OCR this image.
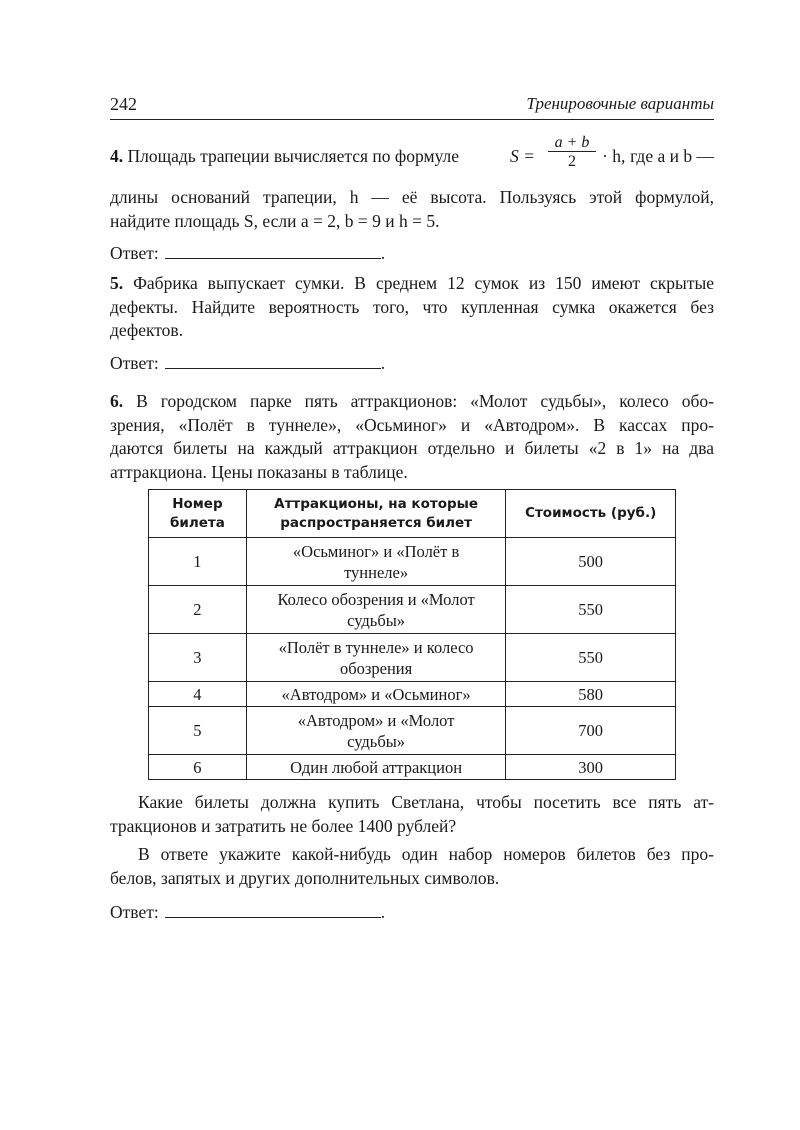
242	Тренировочные варианты
4. Площадь трапеции вычисляется по формуле	$S = \frac{a + b}{2} \cdot h$, где a и b —
длины оснований трапеции, h — её высота. Пользуясь этой формулой,
найдите площадь S, если a = 2, b = 9 и h = 5.
Ответ:	.
5. Фабрика выпускает сумки. В среднем 12 сумок из 150 имеют скрытые
дефекты. Найдите вероятность того, что купленная сумка окажется без
дефектов.
Ответ:	.
6. В городском парке пять аттракционов: «Молот судьбы», колесо обо-
зрения, «Полёт в туннеле», «Осьминог» и «Автодром». В кассах про-
даются билеты на каждый аттракцион отдельно и билеты «2 в 1» на два
аттракциона. Цены показаны в таблице.
Номер
билета	Аттракционы, на которые
распространяется билет	Стоимость (руб.)
1	«Осьминог» и «Полёт в
туннеле»	500
2	Колесо обозрения и «Молот
судьбы»	550
3	«Полёт в туннеле» и колесо
обозрения	550
4	«Автодром» и «Осьминог»	580
5	«Автодром» и «Молот
судьбы»	700
6	Один любой аттракцион	300
Какие билеты должна купить Светлана, чтобы посетить все пять ат-
тракционов и затратить не более 1400 рублей?
В ответе укажите какой-нибудь один набор номеров билетов без про-
белов, запятых и других дополнительных символов.
Ответ:	.
